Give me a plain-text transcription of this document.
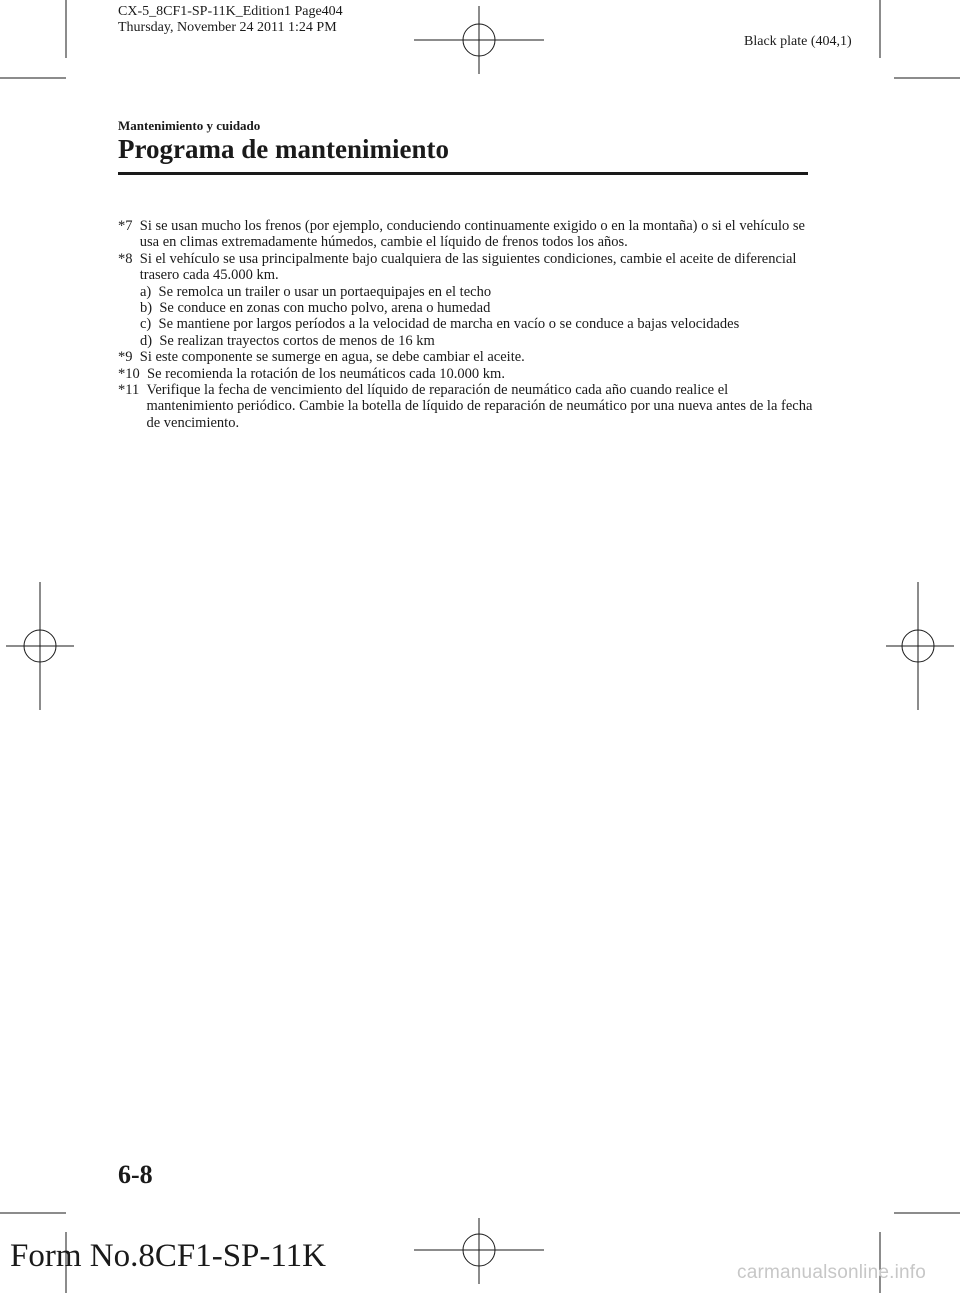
CX-5_8CF1-SP-11K_Edition1 Page404
Thursday, November 24 2011 1:24 PM
Black plate (404,1)
Mantenimiento y cuidado
Programa de mantenimiento
*7 Si se usan mucho los frenos (por ejemplo, conduciendo continuamente exigido o en la montaña) o si el vehículo se usa en climas extremadamente húmedos, cambie el líquido de frenos todos los años.
*8 Si el vehículo se usa principalmente bajo cualquiera de las siguientes condiciones, cambie el aceite de diferencial trasero cada 45.000 km.
a) Se remolca un trailer o usar un portaequipajes en el techo
b) Se conduce en zonas con mucho polvo, arena o humedad
c) Se mantiene por largos períodos a la velocidad de marcha en vacío o se conduce a bajas velocidades
d) Se realizan trayectos cortos de menos de 16 km
*9 Si este componente se sumerge en agua, se debe cambiar el aceite.
*10 Se recomienda la rotación de los neumáticos cada 10.000 km.
*11 Verifique la fecha de vencimiento del líquido de reparación de neumático cada año cuando realice el mantenimiento periódico. Cambie la botella de líquido de reparación de neumático por una nueva antes de la fecha de vencimiento.
6-8
Form No.8CF1-SP-11K	carmanualsonline.info
